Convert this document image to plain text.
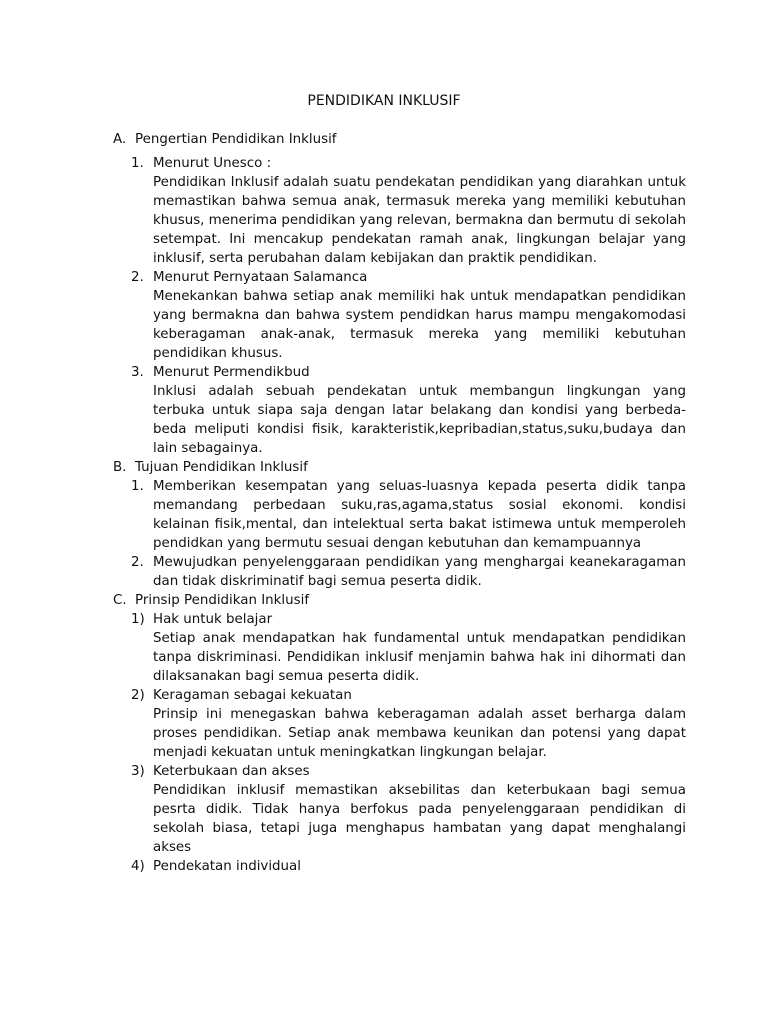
PENDIDIKAN INKLUSIF
A. Pengertian Pendidikan Inklusif
1. Menurut Unesco :
Pendidikan Inklusif adalah suatu pendekatan pendidikan yang diarahkan untuk memastikan bahwa semua anak, termasuk mereka yang memiliki kebutuhan khusus, menerima pendidikan yang relevan, bermakna dan bermutu di sekolah setempat. Ini mencakup pendekatan ramah anak, lingkungan belajar yang inklusif, serta perubahan dalam kebijakan dan praktik pendidikan.
2. Menurut Pernyataan Salamanca
Menekankan bahwa setiap anak memiliki hak untuk mendapatkan pendidikan yang bermakna dan bahwa system pendidkan harus mampu mengakomodasi keberagaman anak-anak, termasuk mereka yang memiliki kebutuhan pendidikan khusus.
3. Menurut Permendikbud
Inklusi adalah sebuah pendekatan untuk membangun lingkungan yang terbuka untuk siapa saja dengan latar belakang dan kondisi yang berbeda-beda meliputi kondisi fisik, karakteristik,kepribadian,status,suku,budaya dan lain sebagainya.
B. Tujuan Pendidikan Inklusif
1. Memberikan kesempatan yang seluas-luasnya kepada peserta didik tanpa memandang perbedaan suku,ras,agama,status sosial ekonomi. kondisi kelainan fisik,mental, dan intelektual serta bakat istimewa untuk memperoleh pendidkan yang bermutu sesuai dengan kebutuhan dan kemampuannya
2. Mewujudkan penyelenggaraan pendidikan yang menghargai keanekaragaman dan tidak diskriminatif bagi semua peserta didik.
C. Prinsip Pendidikan Inklusif
1) Hak untuk belajar
Setiap anak mendapatkan hak fundamental untuk mendapatkan pendidikan tanpa diskriminasi. Pendidikan inklusif menjamin bahwa hak ini dihormati dan dilaksanakan bagi semua peserta didik.
2) Keragaman sebagai kekuatan
Prinsip ini menegaskan bahwa keberagaman adalah asset berharga dalam proses pendidikan. Setiap anak membawa keunikan dan potensi yang dapat menjadi kekuatan untuk meningkatkan lingkungan belajar.
3) Keterbukaan dan akses
Pendidikan inklusif memastikan aksebilitas dan keterbukaan bagi semua pesrta didik. Tidak hanya berfokus pada penyelenggaraan pendidikan di sekolah biasa, tetapi juga menghapus hambatan yang dapat menghalangi akses
4) Pendekatan individual
